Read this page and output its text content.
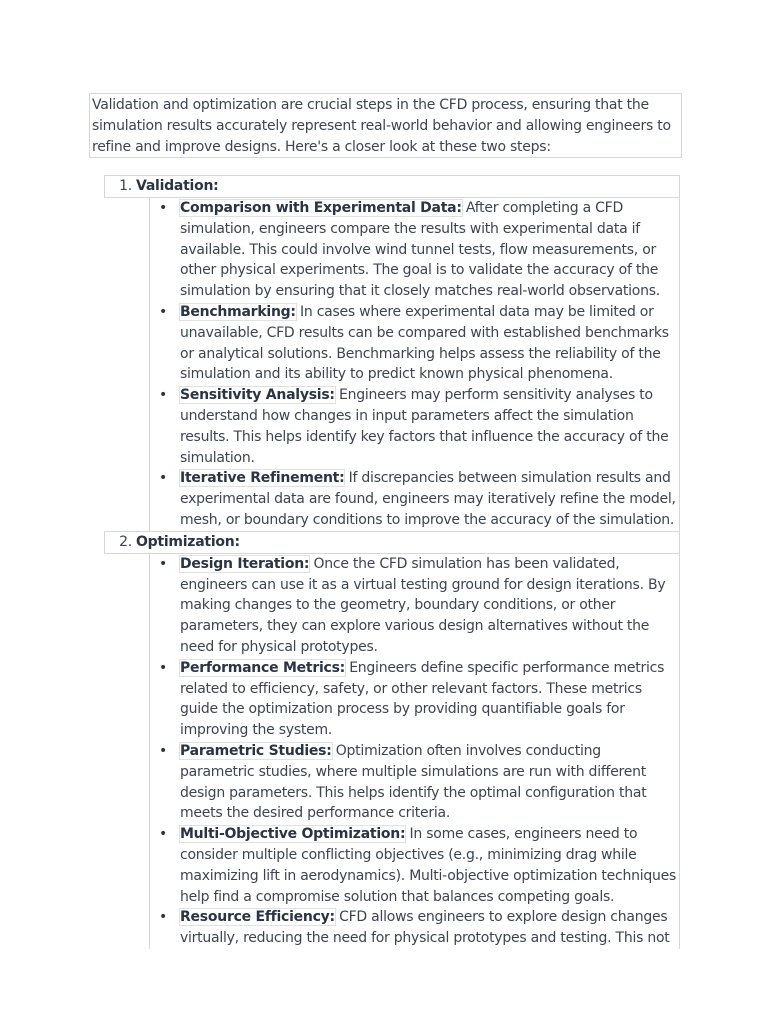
Validation and optimization are crucial steps in the CFD process, ensuring that the simulation results accurately represent real-world behavior and allowing engineers to refine and improve designs. Here's a closer look at these two steps:
1. Validation:
• Comparison with Experimental Data: After completing a CFD simulation, engineers compare the results with experimental data if available. This could involve wind tunnel tests, flow measurements, or other physical experiments. The goal is to validate the accuracy of the simulation by ensuring that it closely matches real-world observations.
• Benchmarking: In cases where experimental data may be limited or unavailable, CFD results can be compared with established benchmarks or analytical solutions. Benchmarking helps assess the reliability of the simulation and its ability to predict known physical phenomena.
• Sensitivity Analysis: Engineers may perform sensitivity analyses to understand how changes in input parameters affect the simulation results. This helps identify key factors that influence the accuracy of the simulation.
• Iterative Refinement: If discrepancies between simulation results and experimental data are found, engineers may iteratively refine the model, mesh, or boundary conditions to improve the accuracy of the simulation.
2. Optimization:
• Design Iteration: Once the CFD simulation has been validated, engineers can use it as a virtual testing ground for design iterations. By making changes to the geometry, boundary conditions, or other parameters, they can explore various design alternatives without the need for physical prototypes.
• Performance Metrics: Engineers define specific performance metrics related to efficiency, safety, or other relevant factors. These metrics guide the optimization process by providing quantifiable goals for improving the system.
• Parametric Studies: Optimization often involves conducting parametric studies, where multiple simulations are run with different design parameters. This helps identify the optimal configuration that meets the desired performance criteria.
• Multi-Objective Optimization: In some cases, engineers need to consider multiple conflicting objectives (e.g., minimizing drag while maximizing lift in aerodynamics). Multi-objective optimization techniques help find a compromise solution that balances competing goals.
• Resource Efficiency: CFD allows engineers to explore design changes virtually, reducing the need for physical prototypes and testing. This not
